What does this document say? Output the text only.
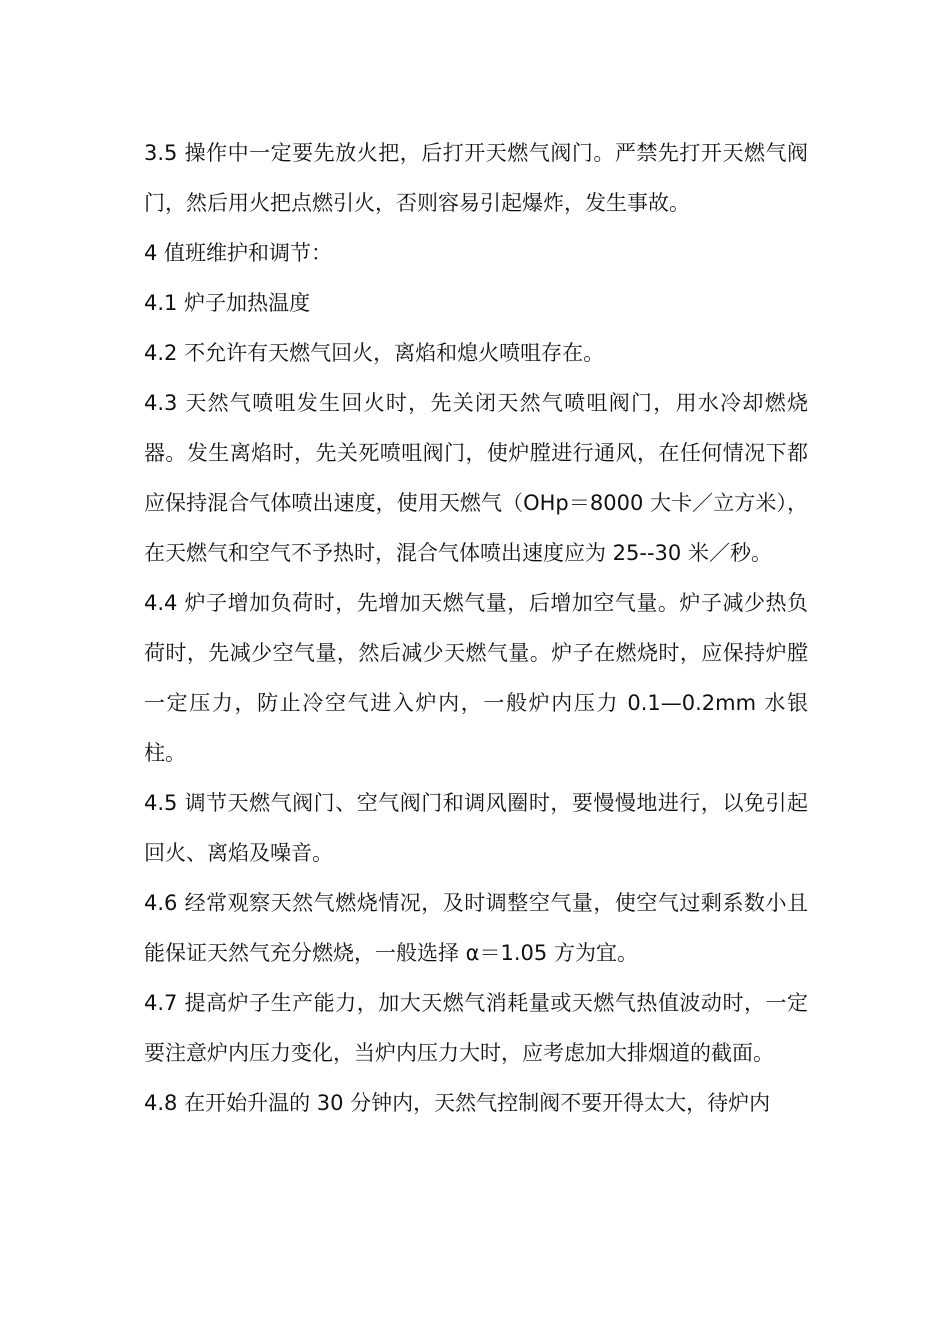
3.5 操作中一定要先放火把，后打开天燃气阀门。严禁先打开天燃气阀门，然后用火把点燃引火，否则容易引起爆炸，发生事故。

4 值班维护和调节：

4.1 炉子加热温度

4.2 不允许有天燃气回火，离焰和熄火喷咀存在。

4.3 天然气喷咀发生回火时，先关闭天然气喷咀阀门，用水冷却燃烧器。发生离焰时，先关死喷咀阀门，使炉膛进行通风，在任何情况下都应保持混合气体喷出速度，使用天燃气（OHp＝8000 大卡／立方米），在天燃气和空气不予热时，混合气体喷出速度应为 25--30 米／秒。

4.4 炉子增加负荷时，先增加天燃气量，后增加空气量。炉子减少热负荷时，先减少空气量，然后减少天燃气量。炉子在燃烧时，应保持炉膛一定压力，防止冷空气进入炉内，一般炉内压力 0.1—0.2mm 水银柱。

4.5 调节天燃气阀门、空气阀门和调风圈时，要慢慢地进行，以免引起回火、离焰及噪音。

4.6 经常观察天然气燃烧情况，及时调整空气量，使空气过剩系数小且能保证天然气充分燃烧，一般选择 α＝1.05 方为宜。

4.7 提高炉子生产能力，加大天燃气消耗量或天燃气热值波动时，一定要注意炉内压力变化，当炉内压力大时，应考虑加大排烟道的截面。

4.8 在开始升温的 30 分钟内，天然气控制阀不要开得太大，待炉内
